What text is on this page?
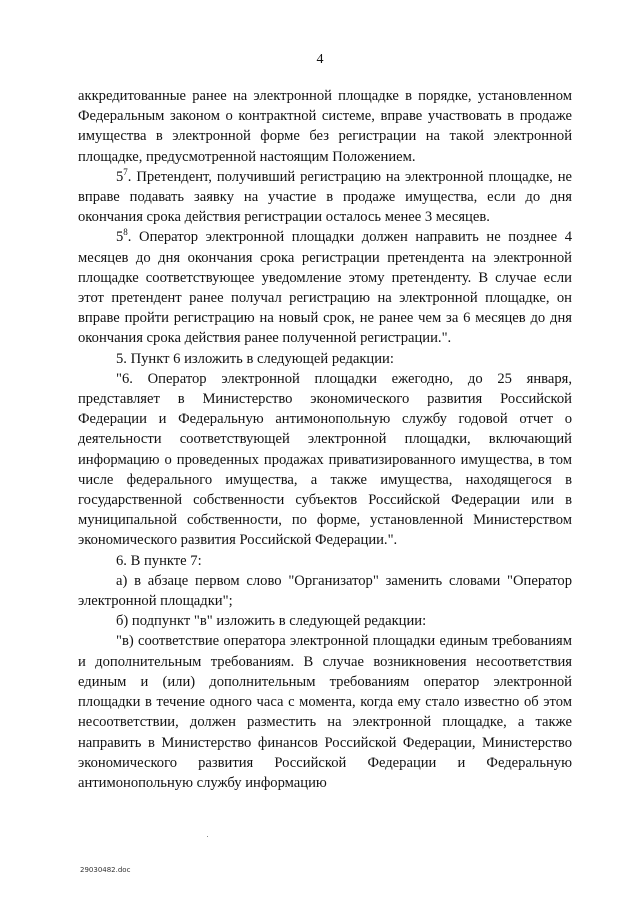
4

аккредитованные ранее на электронной площадке в порядке, установленном Федеральным законом о контрактной системе, вправе участвовать в продаже имущества в электронной форме без регистрации на такой электронной площадке, предусмотренной настоящим Положением.

$5^7$. Претендент, получивший регистрацию на электронной площадке, не вправе подавать заявку на участие в продаже имущества, если до дня окончания срока действия регистрации осталось менее 3 месяцев.

$5^8$. Оператор электронной площадки должен направить не позднее 4 месяцев до дня окончания срока регистрации претендента на электронной площадке соответствующее уведомление этому претенденту. В случае если этот претендент ранее получал регистрацию на электронной площадке, он вправе пройти регистрацию на новый срок, не ранее чем за 6 месяцев до дня окончания срока действия ранее полученной регистрации.".

5. Пункт 6 изложить в следующей редакции:

"6. Оператор электронной площадки ежегодно, до 25 января, представляет в Министерство экономического развития Российской Федерации и Федеральную антимонопольную службу годовой отчет о деятельности соответствующей электронной площадки, включающий информацию о проведенных продажах приватизированного имущества, в том числе федерального имущества, а также имущества, находящегося в государственной собственности субъектов Российской Федерации или в муниципальной собственности, по форме, установленной Министерством экономического развития Российской Федерации.".

6. В пункте 7:

а) в абзаце первом слово "Организатор" заменить словами "Оператор электронной площадки";

б) подпункт "в" изложить в следующей редакции:

"в) соответствие оператора электронной площадки единым требованиям и дополнительным требованиям. В случае возникновения несоответствия единым и (или) дополнительным требованиям оператор электронной площадки в течение одного часа с момента, когда ему стало известно об этом несоответствии, должен разместить на электронной площадке, а также направить в Министерство финансов Российской Федерации, Министерство экономического развития Российской Федерации и Федеральную антимонопольную службу информацию

29030482.doc
